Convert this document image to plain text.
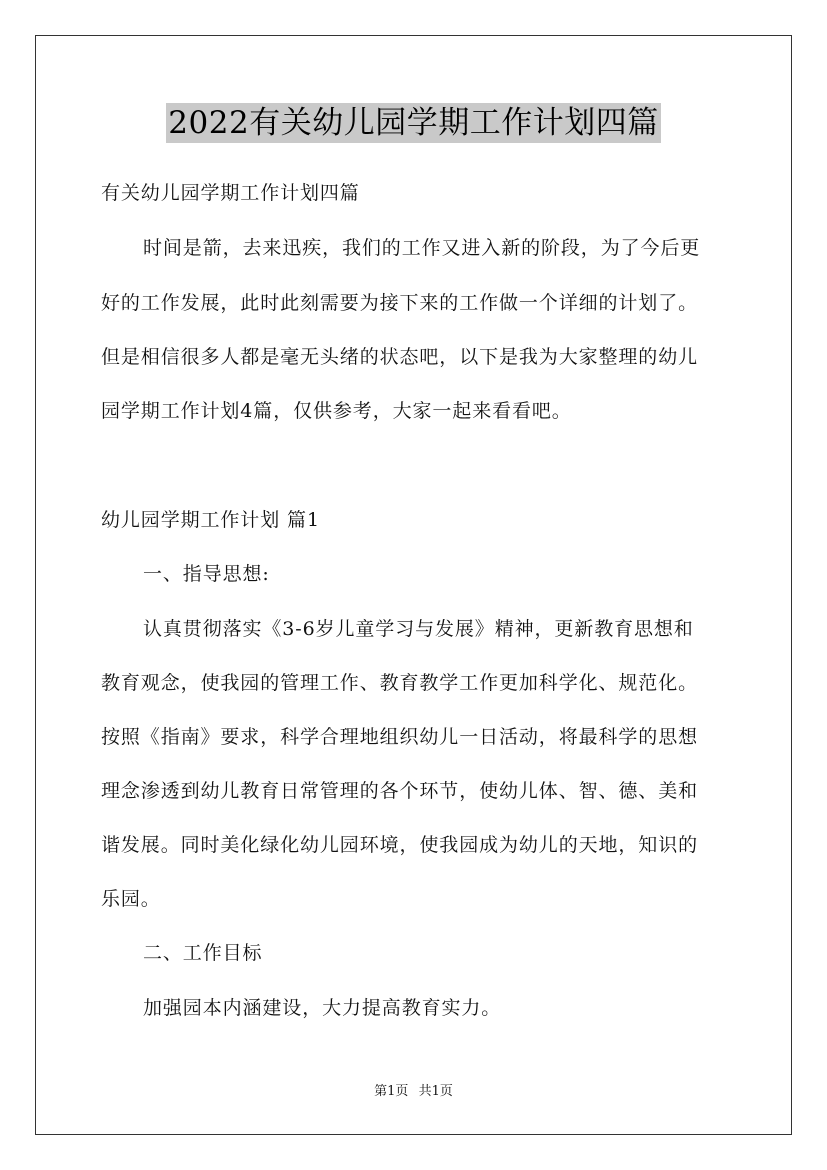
2022有关幼儿园学期工作计划四篇
有关幼儿园学期工作计划四篇
时间是箭，去来迅疾，我们的工作又进入新的阶段，为了今后更
好的工作发展，此时此刻需要为接下来的工作做一个详细的计划了。
但是相信很多人都是毫无头绪的状态吧，以下是我为大家整理的幼儿
园学期工作计划4篇，仅供参考，大家一起来看看吧。
幼儿园学期工作计划 篇1
一、指导思想:
认真贯彻落实《3-6岁儿童学习与发展》精神，更新教育思想和
教育观念，使我园的管理工作、教育教学工作更加科学化、规范化。
按照《指南》要求，科学合理地组织幼儿一日活动，将最科学的思想
理念渗透到幼儿教育日常管理的各个环节，使幼儿体、智、德、美和
谐发展。同时美化绿化幼儿园环境，使我园成为幼儿的天地，知识的
乐园。
二、工作目标
加强园本内涵建设，大力提高教育实力。
第1页 共1页
